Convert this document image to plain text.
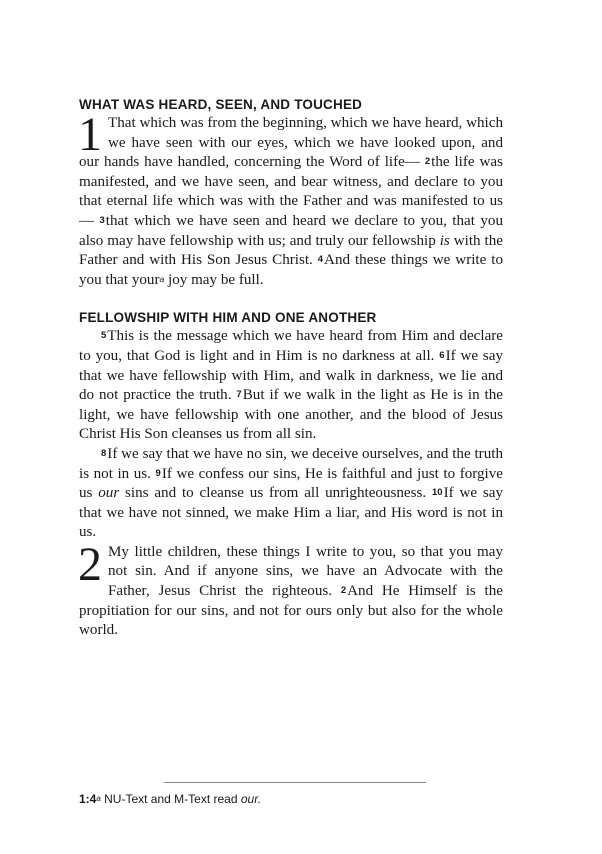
WHAT WAS HEARD, SEEN, AND TOUCHED

1 That which was from the beginning, which we have heard, which we have seen with our eyes, which we have looked upon, and our hands have handled, concerning the Word of life— $^2$the life was manifested, and we have seen, and bear witness, and declare to you that eternal life which was with the Father and was manifested to us— $^3$that which we have seen and heard we declare to you, that you also may have fellowship with us; and truly our fellowship is with the Father and with His Son Jesus Christ. $^4$And these things we write to you that your$^a$ joy may be full.

FELLOWSHIP WITH HIM AND ONE ANOTHER

$^5$This is the message which we have heard from Him and declare to you, that God is light and in Him is no darkness at all. $^6$If we say that we have fellowship with Him, and walk in darkness, we lie and do not practice the truth. $^7$But if we walk in the light as He is in the light, we have fellowship with one another, and the blood of Jesus Christ His Son cleanses us from all sin.

$^8$If we say that we have no sin, we deceive ourselves, and the truth is not in us. $^9$If we confess our sins, He is faithful and just to forgive us our sins and to cleanse us from all unrighteousness. $^{10}$If we say that we have not sinned, we make Him a liar, and His word is not in us.

2 My little children, these things I write to you, so that you may not sin. And if anyone sins, we have an Advocate with the Father, Jesus Christ the righteous. $^2$And He Himself is the propitiation for our sins, and not for ours only but also for the whole world.

1:4$^a$ NU-Text and M-Text read our.
